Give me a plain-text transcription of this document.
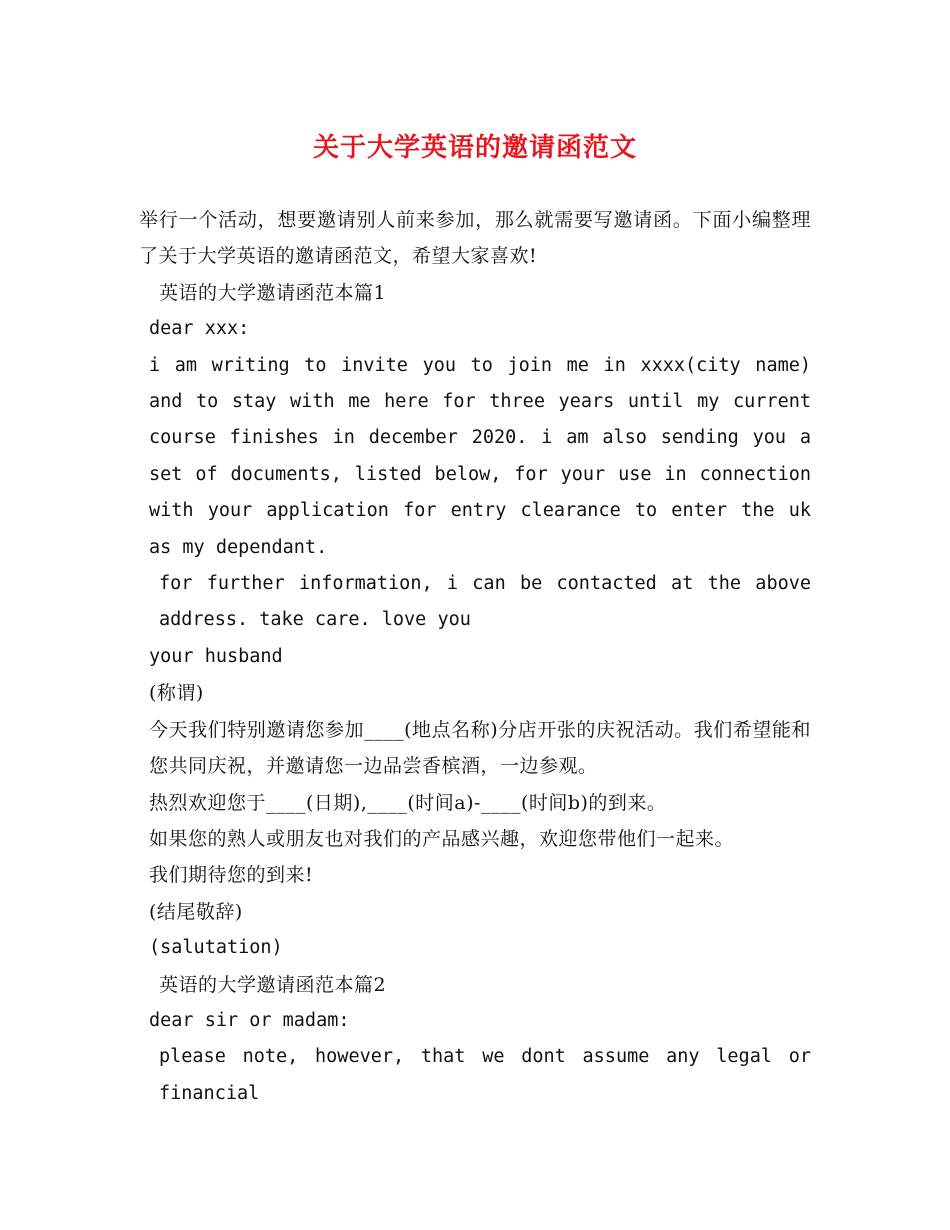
关于大学英语的邀请函范文

举行一个活动，想要邀请别人前来参加，那么就需要写邀请函。下面小编整理了关于大学英语的邀请函范文，希望大家喜欢!

英语的大学邀请函范本篇1

dear xxx:

i am writing to invite you to join me in xxxx(city name) and to stay with me here for three years until my current course finishes in december 2020. i am also sending you a set of documents, listed below, for your use in connection with your application for entry clearance to enter the uk as my dependant.

for further information, i can be contacted at the above address. take care. love you

your husband

(称谓)

今天我们特别邀请您参加____(地点名称)分店开张的庆祝活动。我们希望能和您共同庆祝，并邀请您一边品尝香槟酒，一边参观。

热烈欢迎您于____(日期),____(时间a)-____(时间b)的到来。

如果您的熟人或朋友也对我们的产品感兴趣，欢迎您带他们一起来。

我们期待您的到来!

(结尾敬辞)

(salutation)

英语的大学邀请函范本篇2

dear sir or madam:

please note, however, that we dont assume any legal or financial
